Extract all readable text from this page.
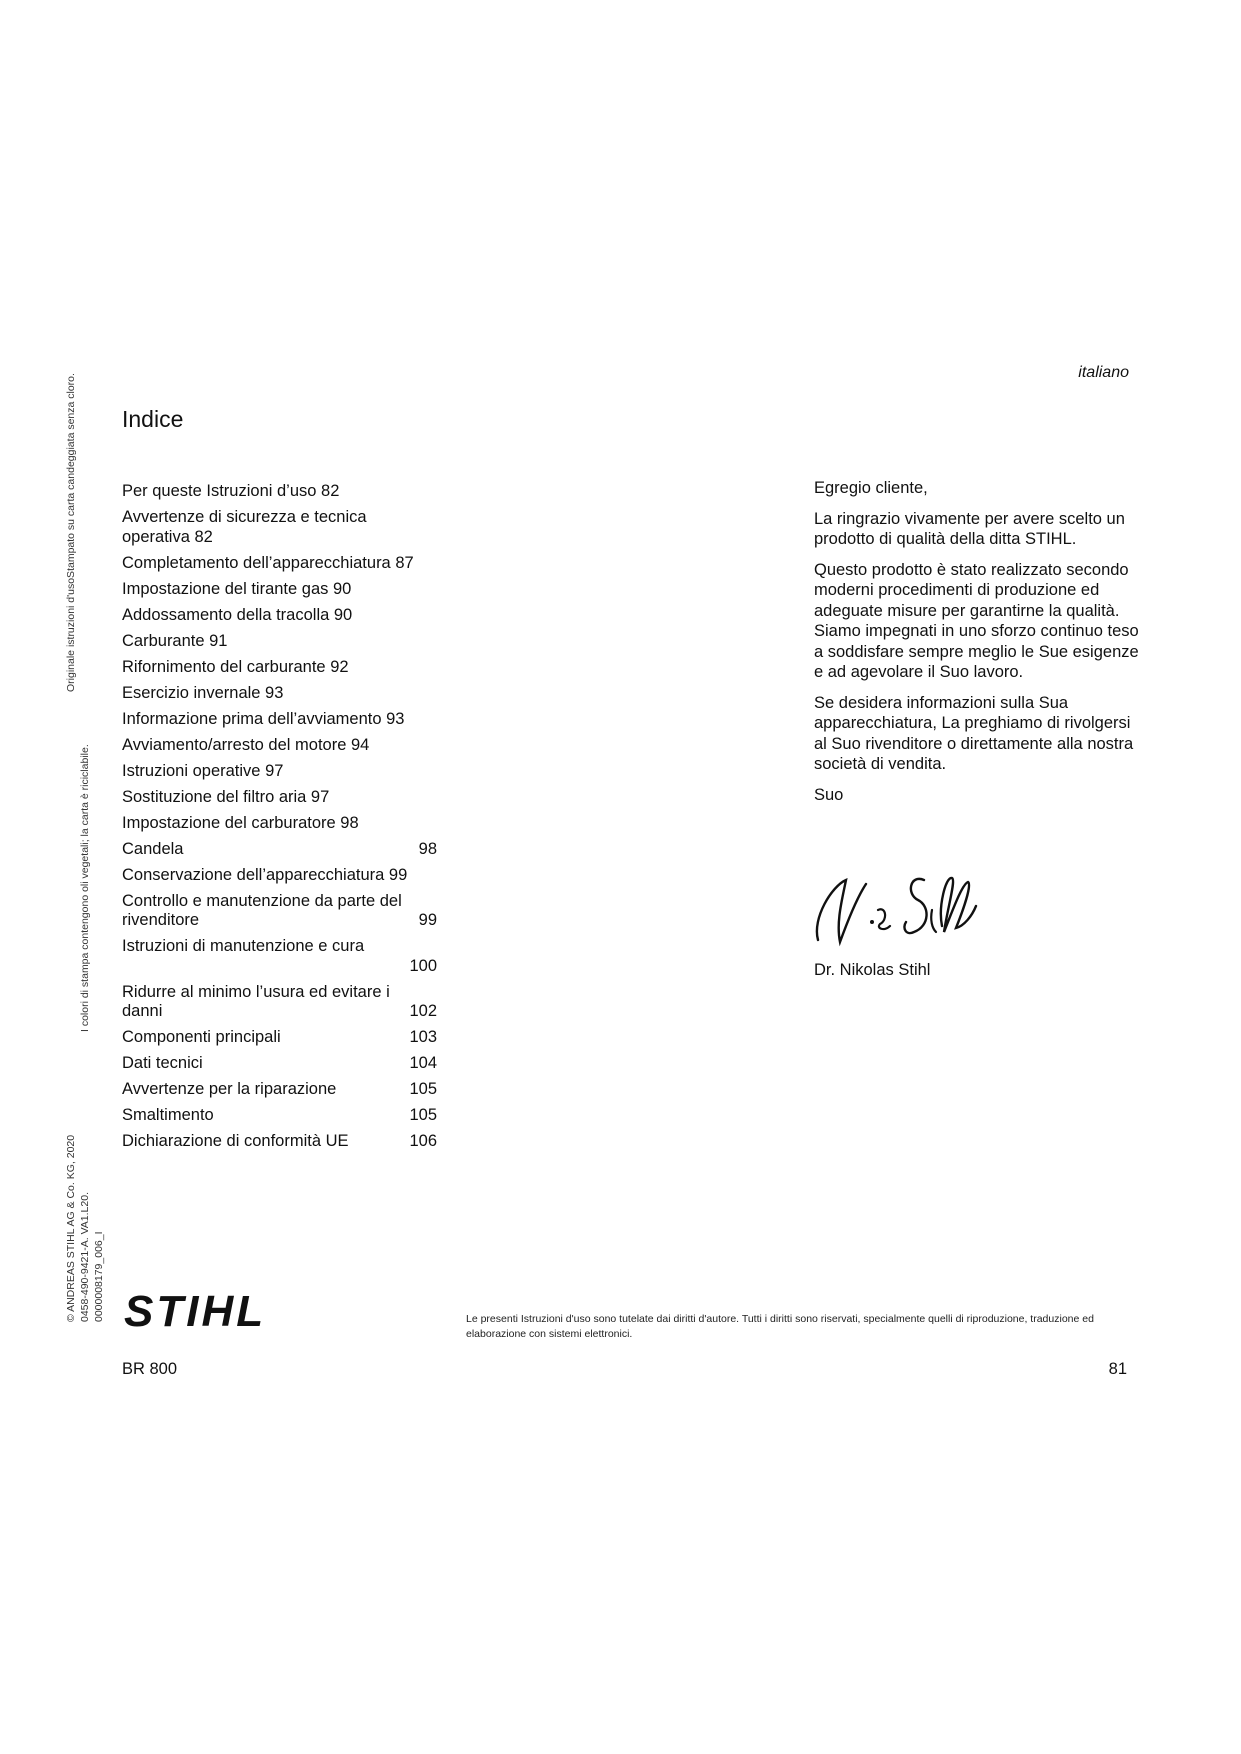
Originale istruzioni d'usoStampato su carta candeggiata senza cloro.
I colori di stampa contengono oli vegetali; la carta è riciclabile.
© ANDREAS STIHL AG & Co. KG, 2020 0458-490-9421-A. VA1.L20. 0000008179_006_I
italiano
Indice
Per queste Istruzioni d’uso 82
Avvertenze di sicurezza e tecnica operativa 82
Completamento dell’apparecchiatura 87
Impostazione del tirante gas 90
Addossamento della tracolla 90
Carburante 91
Rifornimento del carburante 92
Esercizio invernale 93
Informazione prima dell’avviamento 93
Avviamento/arresto del motore 94
Istruzioni operative 97
Sostituzione del filtro aria 97
Impostazione del carburatore 98
98
Candela
Conservazione dell’apparecchiatura 99
99
Controllo e manutenzione da parte del rivenditore
100
Istruzioni di manutenzione e cura
102
Ridurre al minimo l’usura ed evitare i danni
103
Componenti principali
104
Dati tecnici
105
Avvertenze per la riparazione
105
Smaltimento
106
Dichiarazione di conformità UE

Egregio cliente,

La ringrazio vivamente per avere scelto un prodotto di qualità della ditta STIHL.

Questo prodotto è stato realizzato secondo moderni procedimenti di produzione ed adeguate misure per garantirne la qualità. Siamo impegnati in uno sforzo continuo teso a soddisfare sempre meglio le Sue esigenze e ad agevolare il Suo lavoro.

Se desidera informazioni sulla Sua apparecchiatura, La preghiamo di rivolgersi al Suo rivenditore o direttamente alla nostra società di vendita.

Suo

Dr. Nikolas Stihl
STIHL	Le presenti Istruzioni d'uso sono tutelate dai diritti d'autore. Tutti i diritti sono riservati, specialmente quelli di riproduzione, traduzione ed elaborazione con sistemi elettronici.
BR 800	81
